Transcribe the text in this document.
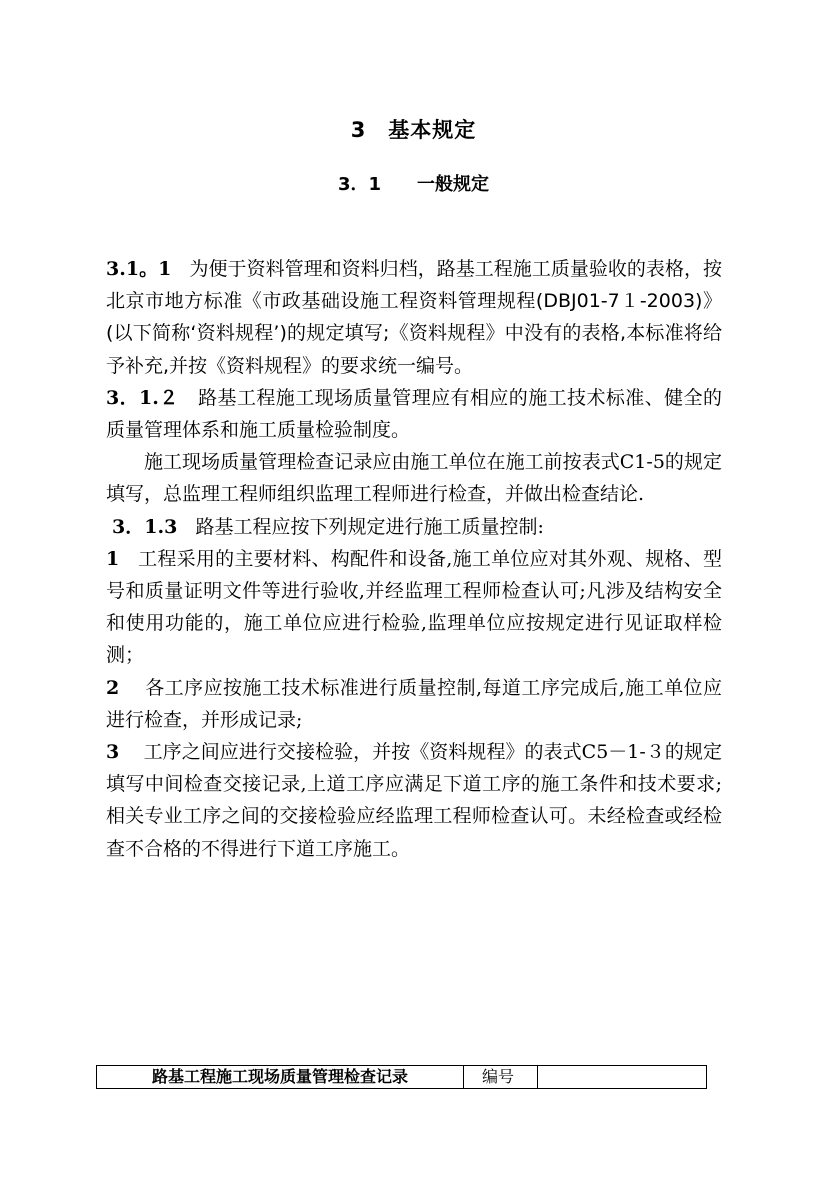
3　基本规定
3．1　　一般规定

3.1。1 为便于资料管理和资料归档，路基工程施工质量验收的表格，按北京市地方标准《市政基础设施工程资料管理规程(DBJ01-7１-2003)》(以下简称‘资料规程’)的规定填写;《资料规程》中没有的表格,本标准将给予补充,并按《资料规程》的要求统一编号。

3．1.２ 路基工程施工现场质量管理应有相应的施工技术标准、健全的质量管理体系和施工质量检验制度。

施工现场质量管理检查记录应由施工单位在施工前按表式C1-5的规定填写，总监理工程师组织监理工程师进行检查，并做出检查结论.

3．1.3 路基工程应按下列规定进行施工质量控制:

1 工程采用的主要材料、构配件和设备,施工单位应对其外观、规格、型号和质量证明文件等进行验收,并经监理工程师检查认可;凡涉及结构安全和使用功能的，施工单位应进行检验,监理单位应按规定进行见证取样检测；

2 各工序应按施工技术标准进行质量控制,每道工序完成后,施工单位应进行检查，并形成记录;

3 工序之间应进行交接检验，并按《资料规程》的表式C5－1-３的规定填写中间检查交接记录,上道工序应满足下道工序的施工条件和技术要求;相关专业工序之间的交接检验应经监理工程师检查认可。未经检查或经检查不合格的不得进行下道工序施工。

路基工程施工现场质量管理检查记录	编号
